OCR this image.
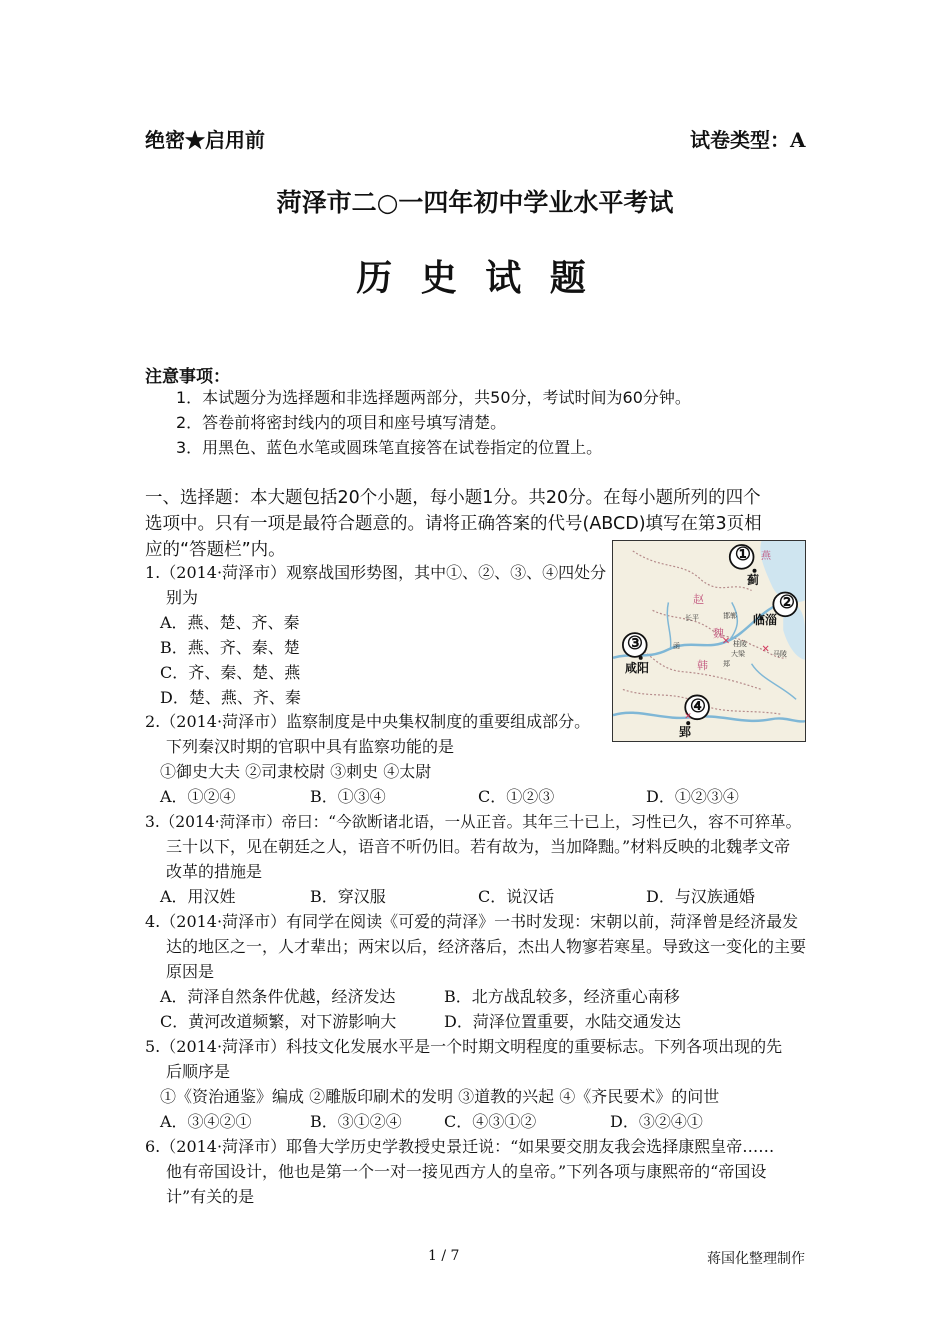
绝密★启用前	试卷类型：A
菏泽市二○一四年初中学业水平考试
历 史 试 题
注意事项：
1．本试题分为选择题和非选择题两部分，共50分，考试时间为60分钟。
2．答卷前将密封线内的项目和座号填写清楚。
3．用黑色、蓝色水笔或圆珠笔直接答在试卷指定的位置上。
一、选择题：本大题包括20个小题，每小题1分。共20分。在每小题所列的四个
选项中。只有一项是最符合题意的。请将正确答案的代号(ABCD)填写在第3页相
应的“答题栏”内。
1.（2014·菏泽市）观察战国形势图，其中①、②、③、④四处分
别为
A．燕、楚、齐、秦
B．燕、齐、秦、楚
C．齐、秦、楚、燕
D．楚、燕、齐、秦
✕
✕
✕
①
②
③
④
蓟
临淄
咸阳
郢
赵
魏
韩
燕
长平	邯郸
桂陵
大梁	马陵
郑
函
2.（2014·菏泽市）监察制度是中央集权制度的重要组成部分。
下列秦汉时期的官职中具有监察功能的是
①御史大夫 ②司隶校尉 ③刺史 ④太尉
A．①②④	B．①③④	C．①②③	D．①②③④
3.（2014·菏泽市）帝曰：“今欲断诸北语，一从正音。其年三十已上，习性已久，容不可猝革。
三十以下，见在朝廷之人，语音不听仍旧。若有故为，当加降黜。”材料反映的北魏孝文帝
改革的措施是
A．用汉姓	B．穿汉服	C．说汉话	D．与汉族通婚
4.（2014·菏泽市）有同学在阅读《可爱的菏泽》一书时发现：宋朝以前，菏泽曾是经济最发
达的地区之一，人才辈出；两宋以后，经济落后，杰出人物寥若寒星。导致这一变化的主要
原因是
A．菏泽自然条件优越，经济发达	B．北方战乱较多，经济重心南移
C．黄河改道频繁，对下游影响大	D．菏泽位置重要，水陆交通发达
5.（2014·菏泽市）科技文化发展水平是一个时期文明程度的重要标志。下列各项出现的先
后顺序是
①《资治通鉴》编成 ②雕版印刷术的发明 ③道教的兴起 ④《齐民要术》的问世
A．③④②①	B．③①②④	C．④③①②	D．③②④①
6.（2014·菏泽市）耶鲁大学历史学教授史景迁说：“如果要交朋友我会选择康熙皇帝……
他有帝国设计，他也是第一个一对一接见西方人的皇帝。”下列各项与康熙帝的“帝国设
计”有关的是
1 / 7	蒋国化整理制作
